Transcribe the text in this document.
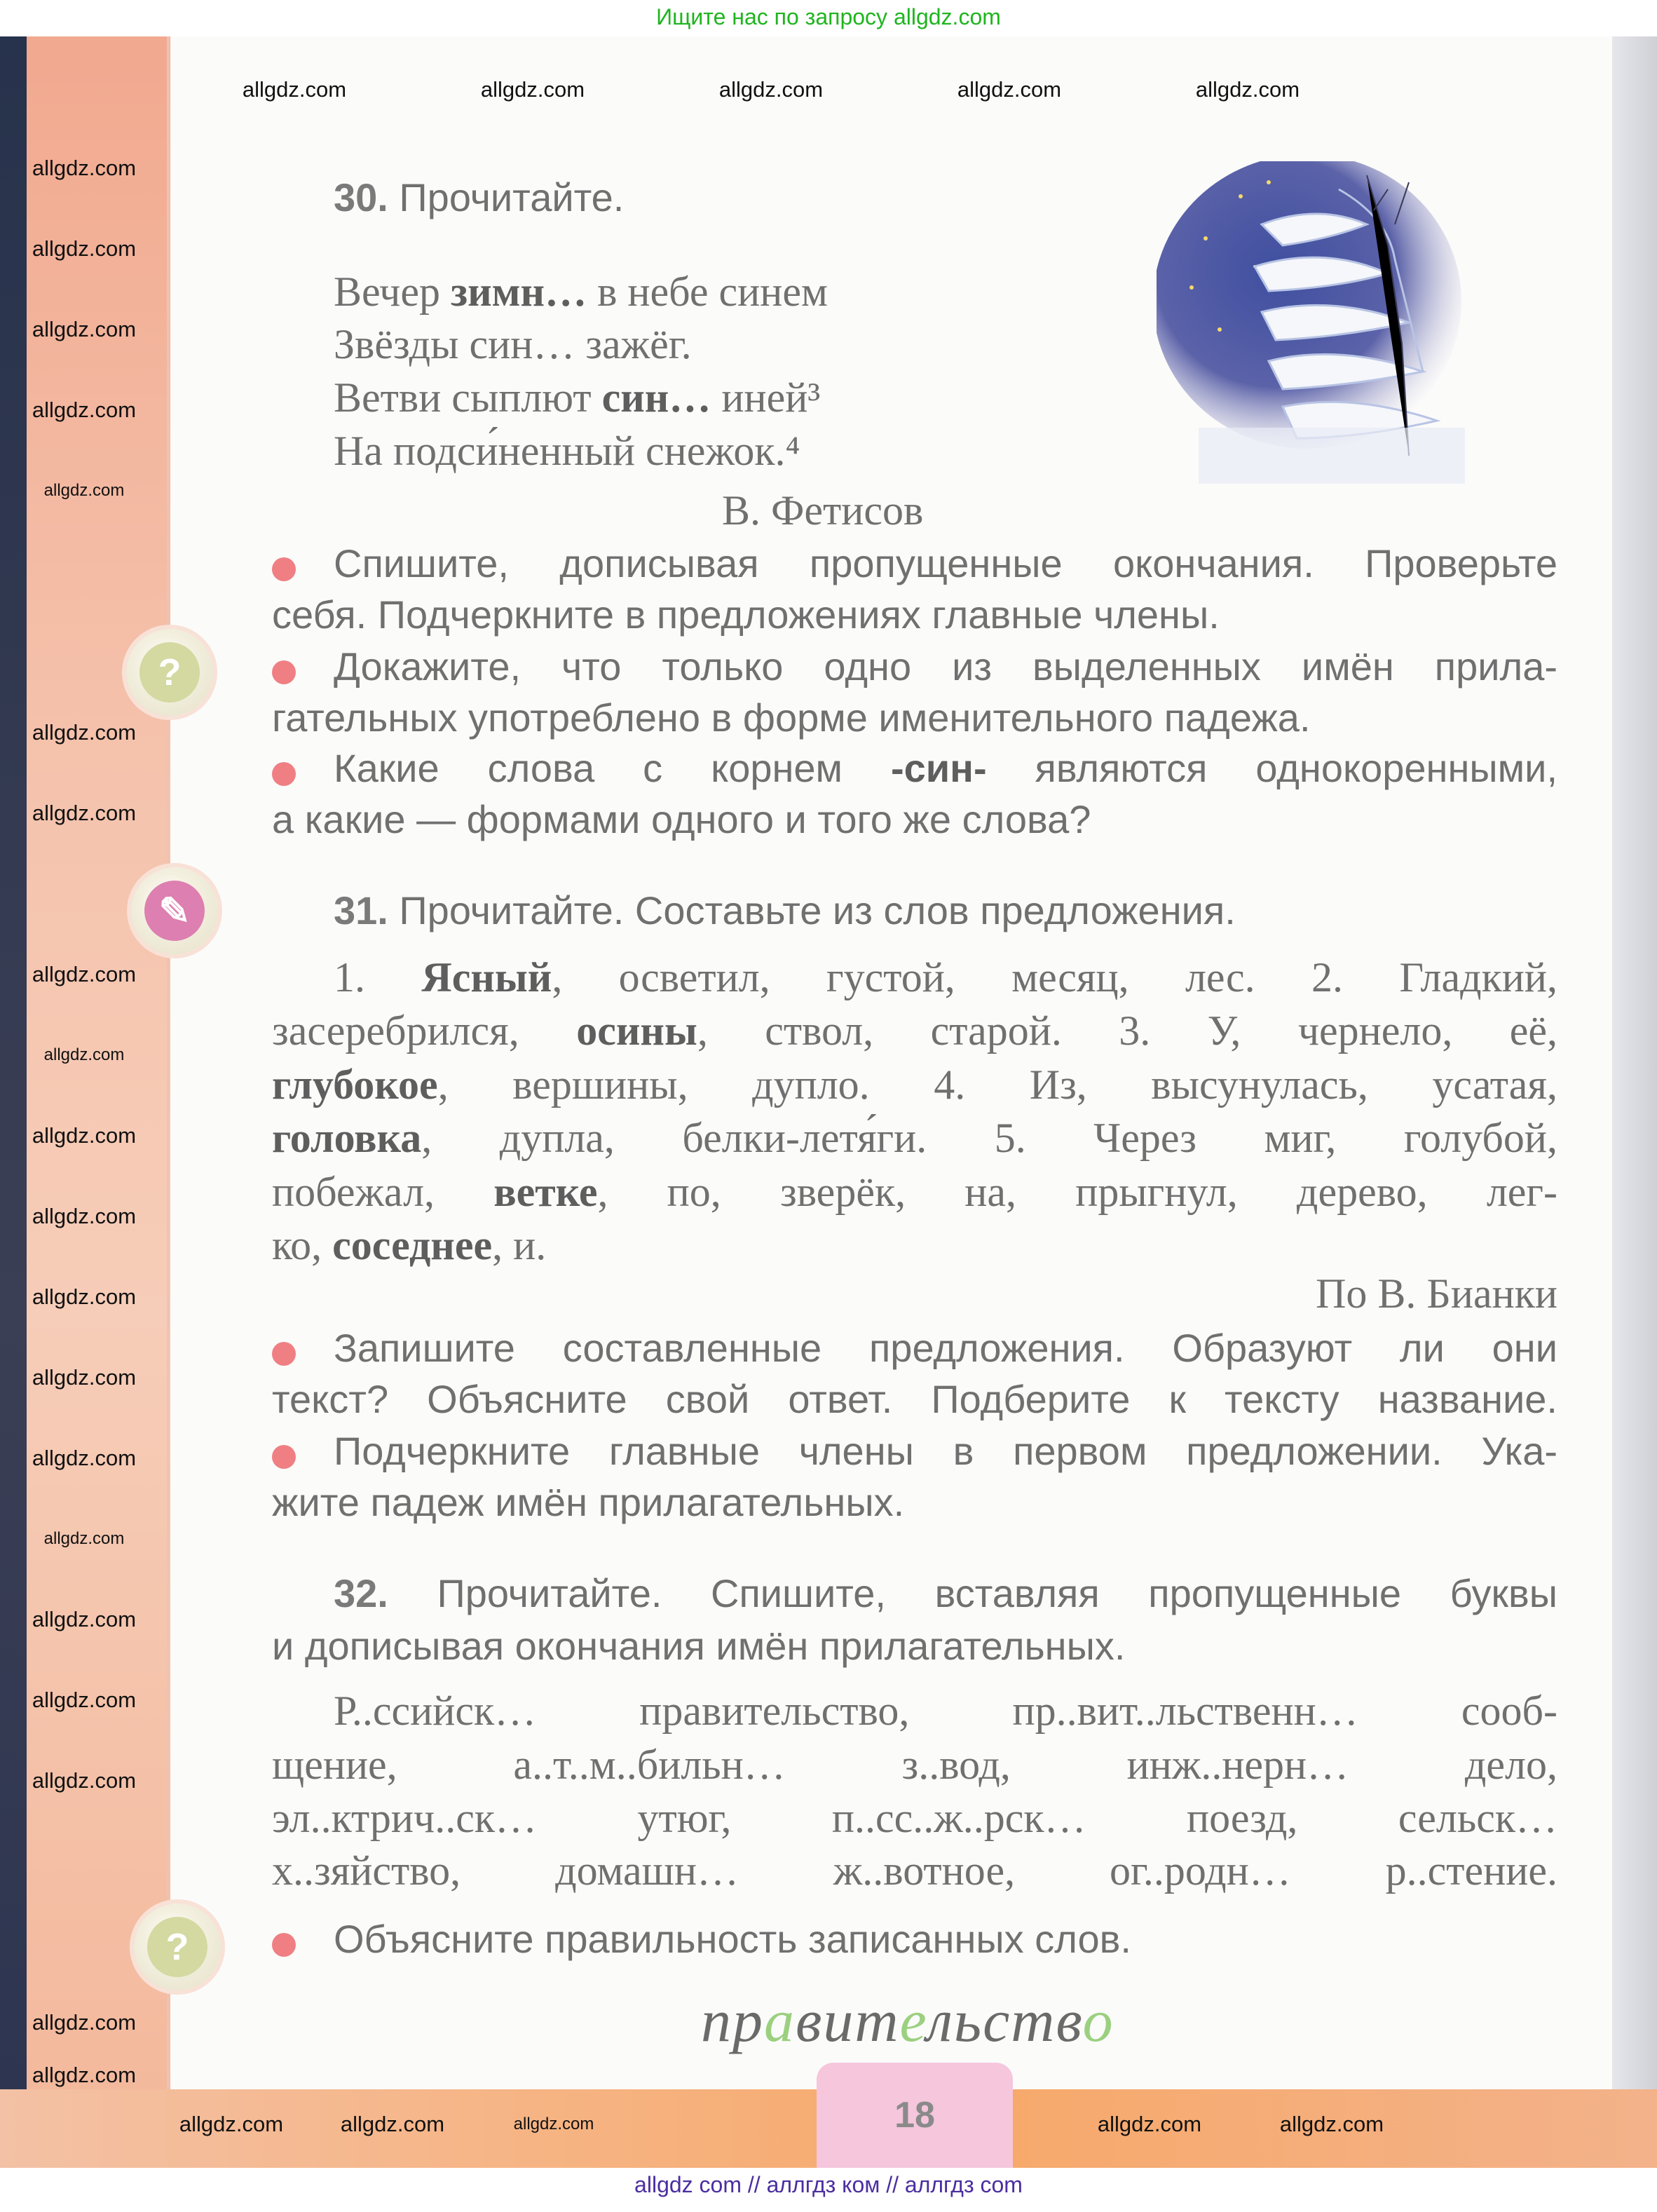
Ищите нас по запросу allgdz.com
?
✎
?
30. Прочитайте.
Вечер зимн… в небе синем
Звёзды син… зажёг.
Ветви сыплют син… иней³
На подси́ненный снежок.⁴
В. Фетисов
Спишите, дописывая пропущенные окончания. Проверьте
себя. Подчеркните в предложениях главные члены.
Докажите, что только одно из выделенных имён прила-
гательных употреблено в форме именительного падежа.
Какие слова с корнем -син- являются однокоренными,
а какие — формами одного и того же слова?
31. Прочитайте. Составьте из слов предложения.
1. Ясный, осветил, густой, месяц, лес. 2. Гладкий,
засеребрился, осины, ствол, старой. 3. У, чернело, её,
глубокое, вершины, дупло. 4. Из, высунулась, усатая,
головка, дупла, белки-летя́ги. 5. Через миг, голубой,
побежал, ветке, по, зверёк, на, прыгнул, дерево, лег-
ко, соседнее, и.
По В. Бианки
Запишите составленные предложения. Образуют ли они
текст? Объясните свой ответ. Подберите к тексту название.
Подчеркните главные члены в первом предложении. Ука-
жите падеж имён прилагательных.
32. Прочитайте. Спишите, вставляя пропущенные буквы
и дописывая окончания имён прилагательных.
Р..ссийск… правительство, пр..вит..льственн… сооб-
щение, а..т..м..бильн… з..вод, инж..нерн… дело,
эл..ктрич..ск… утюг, п..сс..ж..рск… поезд, сельск…
х..зяйство, домашн… ж..вотное, ог..родн… р..стение.
Объясните правильность записанных слов.
правительство
18
allgdz.com	allgdz.com	allgdz.com	allgdz.com	allgdz.com
allgdz.com	allgdz.com	allgdz.com	allgdz.com	allgdz.com
allgdz.com
allgdz.com
allgdz.com
allgdz.com
allgdz.com
allgdz.com
allgdz.com
allgdz.com
allgdz.com
allgdz.com
allgdz.com
allgdz.com
allgdz.com
allgdz.com
allgdz.com
allgdz.com
allgdz.com
allgdz.com
allgdz.com
allgdz.com
allgdz com // аллгдз ком // аллгдз com
